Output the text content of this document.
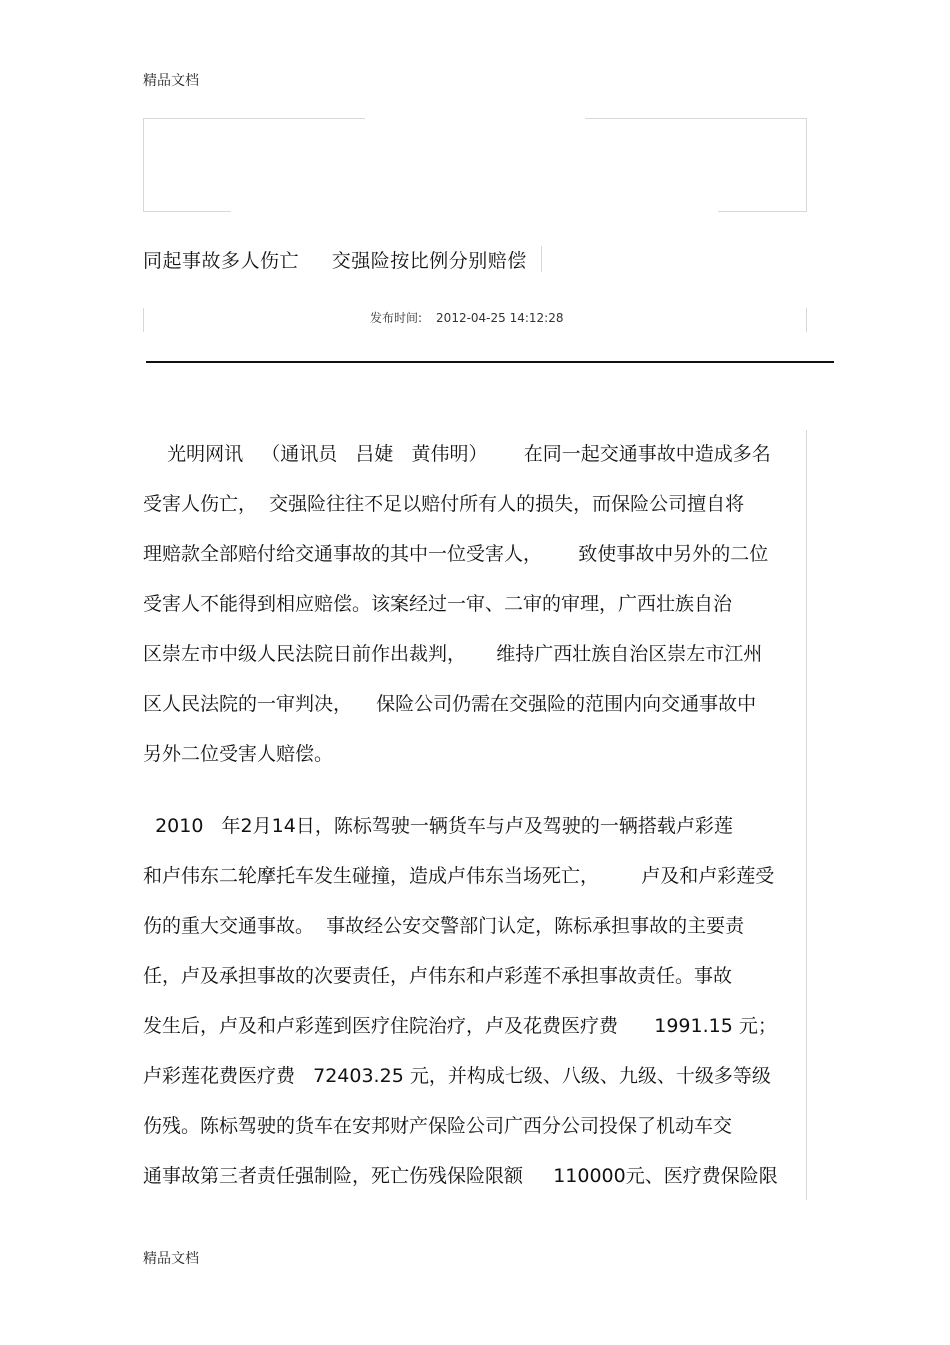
精品文档
同起事故多人伤亡     交强险按比例分别赔偿
发布时间: 2012-04-25 14:12:28
光明网讯   （通讯员   吕婕   黄伟明）      在同一起交通事故中造成多名
受害人伤亡，  交强险往往不足以赔付所有人的损失，而保险公司擅自将
理赔款全部赔付给交通事故的其中一位受害人，      致使事故中另外的二位
受害人不能得到相应赔偿。该案经过一审、二审的审理，广西壮族自治
区崇左市中级人民法院日前作出裁判，     维持广西壮族自治区崇左市江州
区人民法院的一审判决，    保险公司仍需在交强险的范围内向交通事故中
另外二位受害人赔偿。
2010   年2月14日，陈标驾驶一辆货车与卢及驾驶的一辆搭载卢彩莲
和卢伟东二轮摩托车发生碰撞，造成卢伟东当场死亡，       卢及和卢彩莲受
伤的重大交通事故。  事故经公安交警部门认定，陈标承担事故的主要责
任，卢及承担事故的次要责任，卢伟东和卢彩莲不承担事故责任。事故
发生后，卢及和卢彩莲到医疗住院治疗，卢及花费医疗费      1991.15 元；
卢彩莲花费医疗费   72403.25 元，并构成七级、八级、九级、十级多等级
伤残。陈标驾驶的货车在安邦财产保险公司广西分公司投保了机动车交
通事故第三者责任强制险，死亡伤残保险限额     110000元、医疗费保险限
精品文档
